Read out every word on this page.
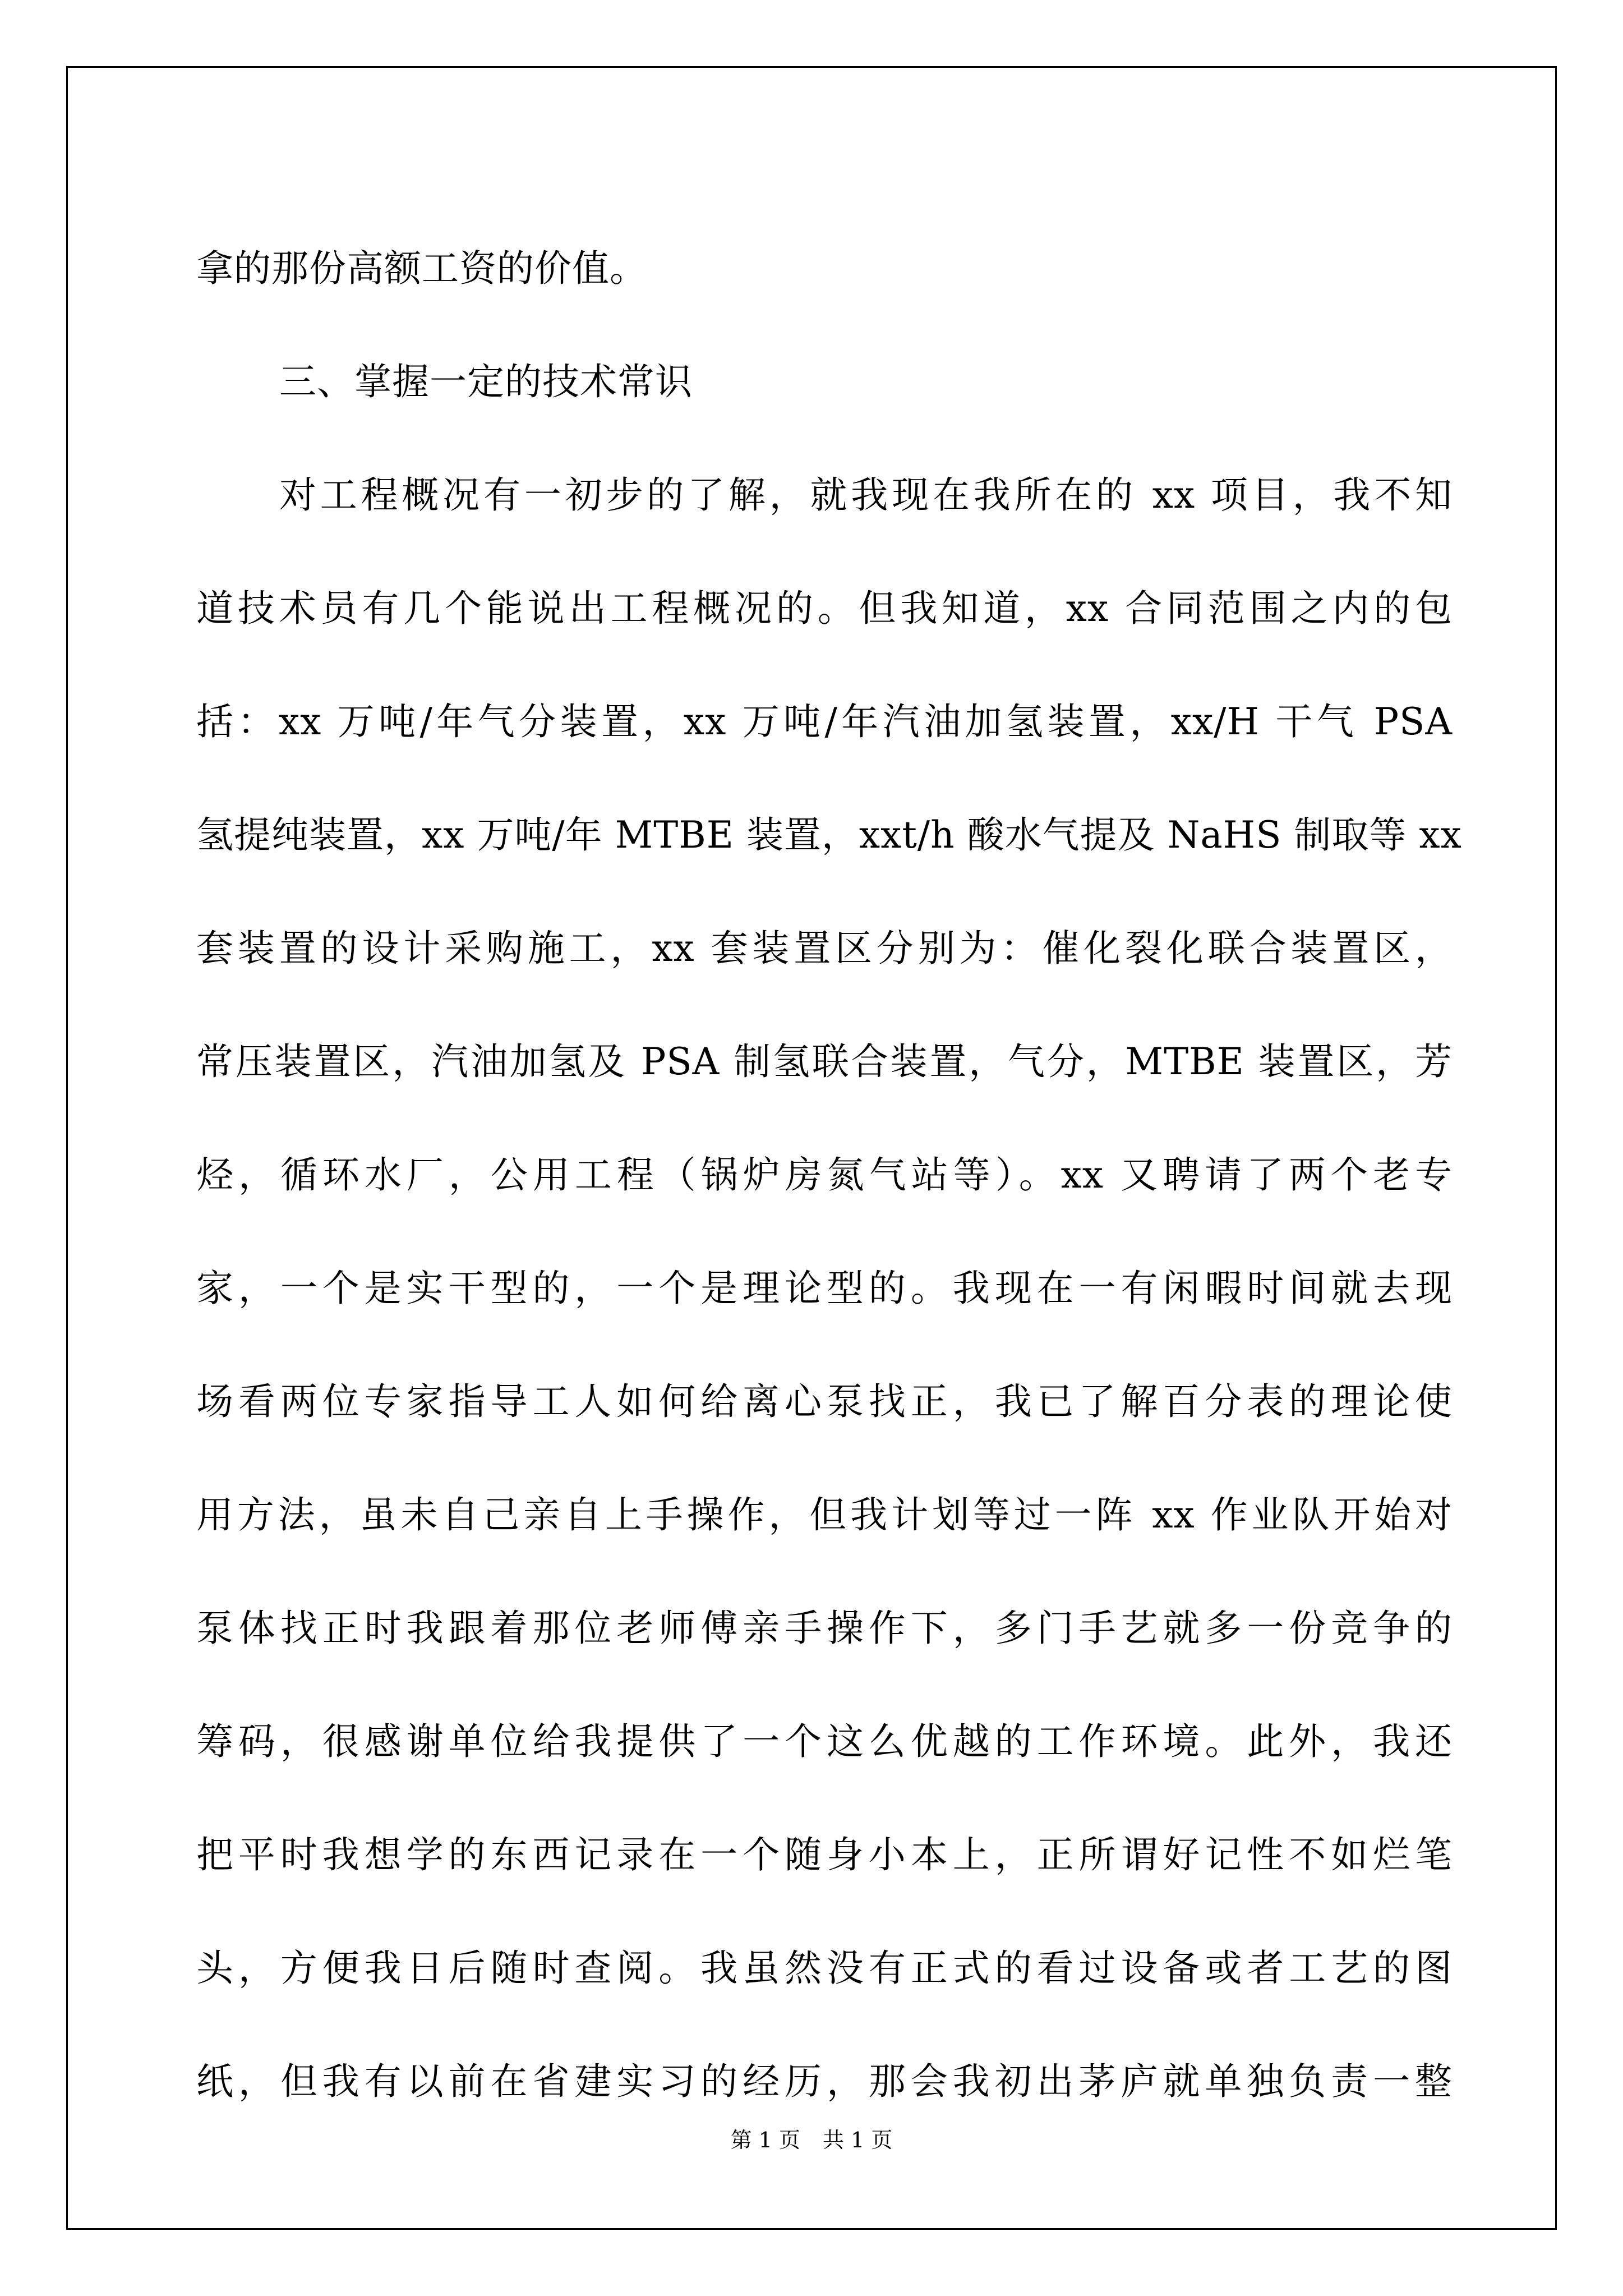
拿的那份高额工资的价值。

三、掌握一定的技术常识

对工程概况有一初步的了解，就我现在我所在的 xx 项目，我不知

道技术员有几个能说出工程概况的。但我知道，xx 合同范围之内的包

括：xx 万吨/年气分装置，xx 万吨/年汽油加氢装置，xx/H 干气 PSA

氢提纯装置，xx 万吨/年 MTBE 装置，xxt/h 酸水气提及 NaHS 制取等 xx

套装置的设计采购施工，xx 套装置区分别为：催化裂化联合装置区，

常压装置区，汽油加氢及 PSA 制氢联合装置，气分，MTBE 装置区，芳

烃，循环水厂，公用工程（锅炉房氮气站等）。xx 又聘请了两个老专

家，一个是实干型的，一个是理论型的。我现在一有闲暇时间就去现

场看两位专家指导工人如何给离心泵找正，我已了解百分表的理论使

用方法，虽未自己亲自上手操作，但我计划等过一阵 xx 作业队开始对

泵体找正时我跟着那位老师傅亲手操作下，多门手艺就多一份竞争的

筹码，很感谢单位给我提供了一个这么优越的工作环境。此外，我还

把平时我想学的东西记录在一个随身小本上，正所谓好记性不如烂笔

头，方便我日后随时查阅。我虽然没有正式的看过设备或者工艺的图

纸，但我有以前在省建实习的经历，那会我初出茅庐就单独负责一整

第 1 页 共 1 页
